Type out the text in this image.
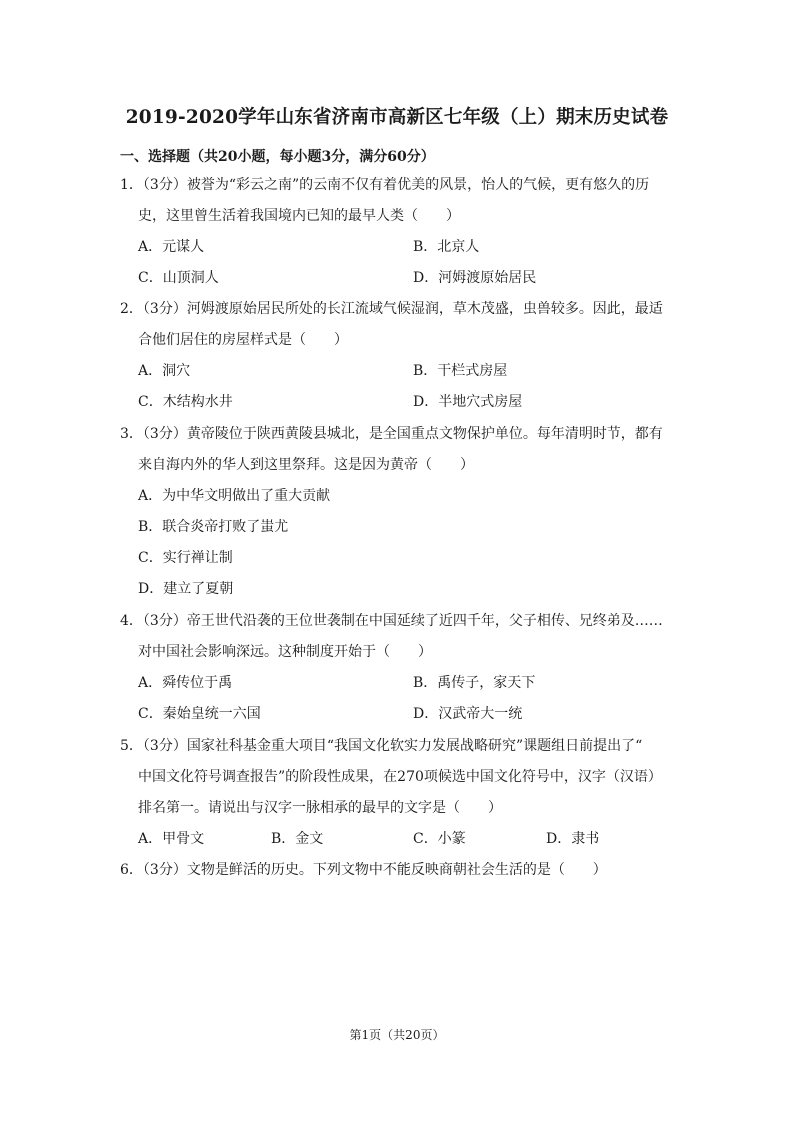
2019-2020学年山东省济南市高新区七年级（上）期末历史试卷
一、选择题（共20小题，每小题3分，满分60分）
1．（3分）被誉为“彩云之南”的云南不仅有着优美的风景，怡人的气候，更有悠久的历
史，这里曾生活着我国境内已知的最早人类（　　）
A．元谋人	B．北京人
C．山顶洞人	D．河姆渡原始居民
2．（3分）河姆渡原始居民所处的长江流域气候湿润，草木茂盛，虫兽较多。因此，最适
合他们居住的房屋样式是（　　）
A．洞穴	B．干栏式房屋
C．木结构水井	D．半地穴式房屋
3．（3分）黄帝陵位于陕西黄陵县城北，是全国重点文物保护单位。每年清明时节，都有
来自海内外的华人到这里祭拜。这是因为黄帝（　　）
A．为中华文明做出了重大贡献
B．联合炎帝打败了蚩尤
C．实行禅让制
D．建立了夏朝
4．（3分）帝王世代沿袭的王位世袭制在中国延续了近四千年，父子相传、兄终弟及……
对中国社会影响深远。这种制度开始于（　　）
A．舜传位于禹	B．禹传子，家天下
C．秦始皇统一六国	D．汉武帝大一统
5．（3分）国家社科基金重大项目“我国文化软实力发展战略研究”课题组日前提出了“
中国文化符号调查报告”的阶段性成果，在270项候选中国文化符号中，汉字（汉语）
排名第一。请说出与汉字一脉相承的最早的文字是（　　）
A．甲骨文	B．金文	C．小篆	D．隶书
6．（3分）文物是鲜活的历史。下列文物中不能反映商朝社会生活的是（　　）
第1页（共20页）
